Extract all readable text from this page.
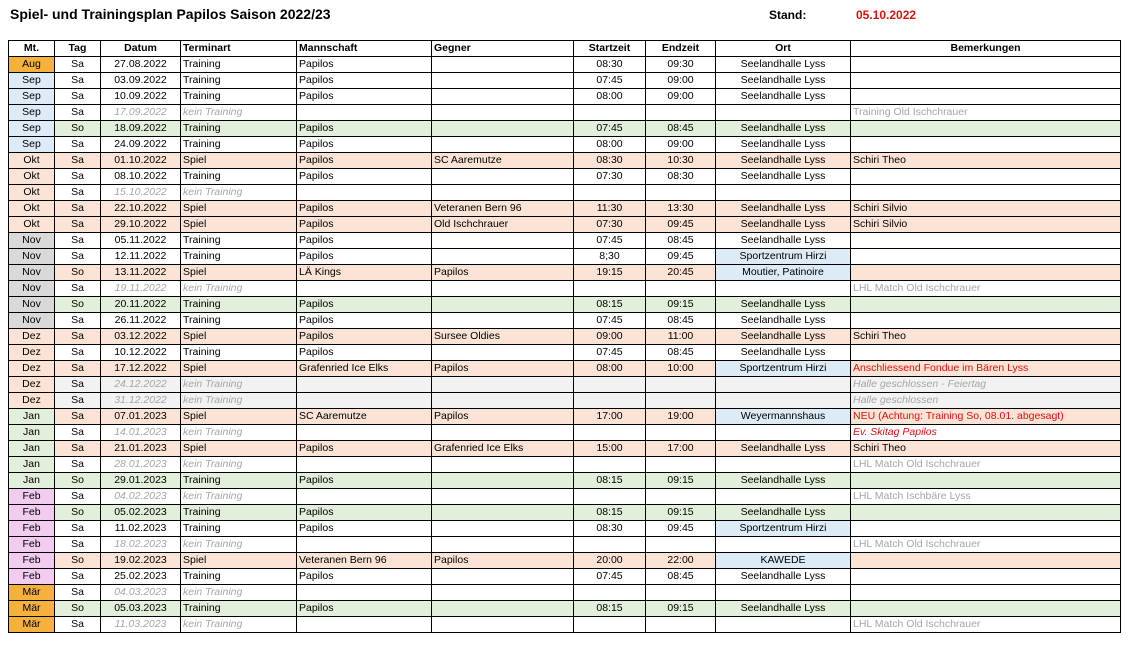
Spiel- und Trainingsplan Papilos Saison 2022/23	Stand:	05.10.2022
Mt.	Tag	Datum	Terminart	Mannschaft	Gegner	Startzeit	Endzeit	Ort	Bemerkungen
Aug	Sa	27.08.2022	Training	Papilos		08:30	09:30	Seelandhalle Lyss	
Sep	Sa	03.09.2022	Training	Papilos		07:45	09:00	Seelandhalle Lyss	
Sep	Sa	10.09.2022	Training	Papilos		08:00	09:00	Seelandhalle Lyss	
Sep	Sa	17.09.2022	kein Training						Training Old Ischchrauer
Sep	So	18.09.2022	Training	Papilos		07:45	08:45	Seelandhalle Lyss	
Sep	Sa	24.09.2022	Training	Papilos		08:00	09:00	Seelandhalle Lyss	
Okt	Sa	01.10.2022	Spiel	Papilos	SC Aaremutze	08:30	10:30	Seelandhalle Lyss	Schiri Theo
Okt	Sa	08.10.2022	Training	Papilos		07:30	08:30	Seelandhalle Lyss	
Okt	Sa	15.10.2022	kein Training						
Okt	Sa	22.10.2022	Spiel	Papilos	Veteranen Bern 96	11:30	13:30	Seelandhalle Lyss	Schiri Silvio
Okt	Sa	29.10.2022	Spiel	Papilos	Old Ischchrauer	07:30	09:45	Seelandhalle Lyss	Schiri Silvio
Nov	Sa	05.11.2022	Training	Papilos		07:45	08:45	Seelandhalle Lyss	
Nov	Sa	12.11.2022	Training	Papilos		8;30	09:45	Sportzentrum Hirzi	
Nov	So	13.11.2022	Spiel	LÄ Kings	Papilos	19:15	20:45	Moutier, Patinoire	
Nov	Sa	19.11.2022	kein Training						LHL Match Old Ischchrauer
Nov	So	20.11.2022	Training	Papilos		08:15	09:15	Seelandhalle Lyss	
Nov	Sa	26.11.2022	Training	Papilos		07:45	08:45	Seelandhalle Lyss	
Dez	Sa	03.12.2022	Spiel	Papilos	Sursee Oldies	09:00	11:00	Seelandhalle Lyss	Schiri Theo
Dez	Sa	10.12.2022	Training	Papilos		07:45	08:45	Seelandhalle Lyss	
Dez	Sa	17.12.2022	Spiel	Grafenried Ice Elks	Papilos	08:00	10:00	Sportzentrum Hirzi	Anschliessend Fondue im Bären Lyss
Dez	Sa	24.12.2022	kein Training						Halle geschlossen - Feiertag
Dez	Sa	31.12.2022	kein Training						Halle geschlossen
Jan	Sa	07.01.2023	Spiel	SC Aaremutze	Papilos	17:00	19:00	Weyermannshaus	NEU (Achtung: Training So, 08.01. abgesagt)
Jan	Sa	14.01.2023	kein Training						Ev. Skitag Papilos
Jan	Sa	21.01.2023	Spiel	Papilos	Grafenried Ice Elks	15:00	17:00	Seelandhalle Lyss	Schiri Theo
Jan	Sa	28.01.2023	kein Training						LHL Match Old Ischchrauer
Jan	So	29.01.2023	Training	Papilos		08:15	09:15	Seelandhalle Lyss	
Feb	Sa	04.02.2023	kein Training						LHL Match Ischbäre Lyss
Feb	So	05.02.2023	Training	Papilos		08:15	09:15	Seelandhalle Lyss	
Feb	Sa	11.02.2023	Training	Papilos		08:30	09:45	Sportzentrum Hirzi	
Feb	Sa	18.02.2023	kein Training						LHL Match Old Ischchrauer
Feb	So	19.02.2023	Spiel	Veteranen Bern 96	Papilos	20:00	22:00	KAWEDE	
Feb	Sa	25.02.2023	Training	Papilos		07:45	08:45	Seelandhalle Lyss	
Mär	Sa	04.03.2023	kein Training						
Mär	So	05.03.2023	Training	Papilos		08:15	09:15	Seelandhalle Lyss	
Mär	Sa	11.03.2023	kein Training						LHL Match Old Ischchrauer
